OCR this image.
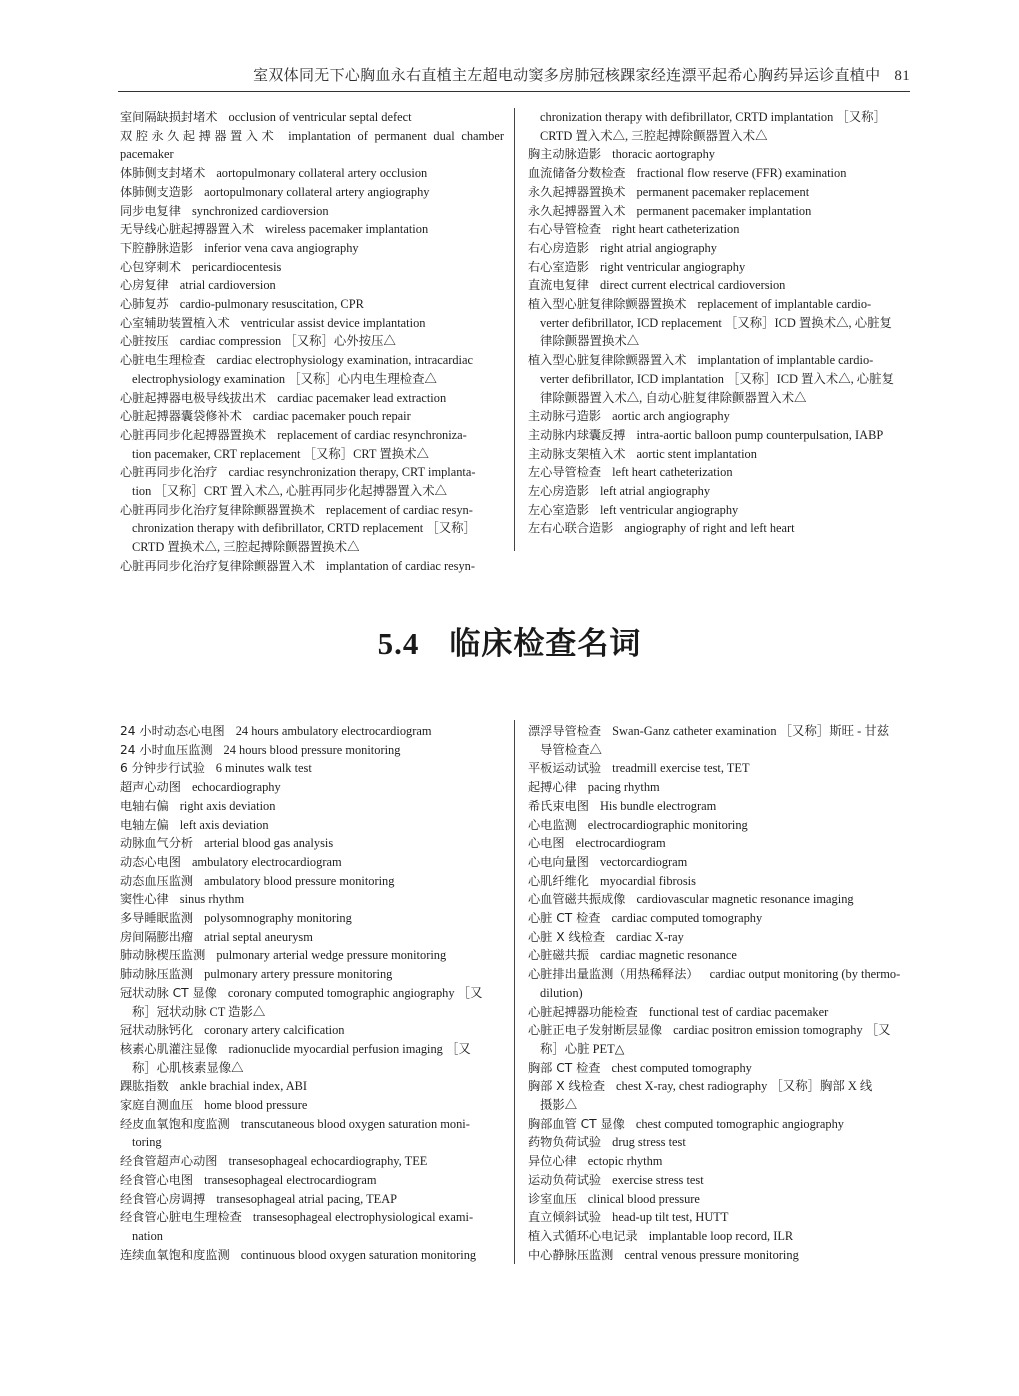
室双体同无下心胸血永右直植主左超电动窦多房肺冠核踝家经连漂平起希心胸药异运诊直植中 81
室间隔缺损封堵术 occlusion of ventricular septal defect
双腔永久起搏器置入术 implantation of permanent dual chamber pacemaker
体肺侧支封堵术 aortopulmonary collateral artery occlusion
体肺侧支造影 aortopulmonary collateral artery angiography
同步电复律 synchronized cardioversion
无导线心脏起搏器置入术 wireless pacemaker implantation
下腔静脉造影 inferior vena cava angiography
心包穿刺术 pericardiocentesis
心房复律 atrial cardioversion
心肺复苏 cardio-pulmonary resuscitation, CPR
心室辅助装置植入术 ventricular assist device implantation
心脏按压 cardiac compression ［又称］心外按压△
心脏电生理检查 cardiac electrophysiology examination, intracardiac
electrophysiology examination ［又称］心内电生理检查△
心脏起搏器电极导线拔出术 cardiac pacemaker lead extraction
心脏起搏器囊袋修补术 cardiac pacemaker pouch repair
心脏再同步化起搏器置换术 replacement of cardiac resynchroniza-
tion pacemaker, CRT replacement ［又称］CRT 置换术△
心脏再同步化治疗 cardiac resynchronization therapy, CRT implanta-
tion ［又称］CRT 置入术△, 心脏再同步化起搏器置入术△
心脏再同步化治疗复律除颤器置换术 replacement of cardiac resyn-
chronization therapy with defibrillator, CRTD replacement ［又称］
CRTD 置换术△, 三腔起搏除颤器置换术△
心脏再同步化治疗复律除颤器置入术 implantation of cardiac resyn-
chronization therapy with defibrillator, CRTD implantation ［又称］
CRTD 置入术△, 三腔起搏除颤器置入术△
胸主动脉造影 thoracic aortography
血流储备分数检查 fractional flow reserve (FFR) examination
永久起搏器置换术 permanent pacemaker replacement
永久起搏器置入术 permanent pacemaker implantation
右心导管检查 right heart catheterization
右心房造影 right atrial angiography
右心室造影 right ventricular angiography
直流电复律 direct current electrical cardioversion
植入型心脏复律除颤器置换术 replacement of implantable cardio-
verter defibrillator, ICD replacement ［又称］ICD 置换术△, 心脏复
律除颤器置换术△
植入型心脏复律除颤器置入术 implantation of implantable cardio-
verter defibrillator, ICD implantation ［又称］ICD 置入术△, 心脏复
律除颤器置入术△, 自动心脏复律除颤器置入术△
主动脉弓造影 aortic arch angiography
主动脉内球囊反搏 intra-aortic balloon pump counterpulsation, IABP
主动脉支架植入术 aortic stent implantation
左心导管检查 left heart catheterization
左心房造影 left atrial angiography
左心室造影 left ventricular angiography
左右心联合造影 angiography of right and left heart
5.4 临床检查名词
24 小时动态心电图 24 hours ambulatory electrocardiogram
24 小时血压监测 24 hours blood pressure monitoring
6 分钟步行试验 6 minutes walk test
超声心动图 echocardiography
电轴右偏 right axis deviation
电轴左偏 left axis deviation
动脉血气分析 arterial blood gas analysis
动态心电图 ambulatory electrocardiogram
动态血压监测 ambulatory blood pressure monitoring
窦性心律 sinus rhythm
多导睡眠监测 polysomnography monitoring
房间隔膨出瘤 atrial septal aneurysm
肺动脉楔压监测 pulmonary arterial wedge pressure monitoring
肺动脉压监测 pulmonary artery pressure monitoring
冠状动脉 CT 显像 coronary computed tomographic angiography ［又
称］冠状动脉 CT 造影△
冠状动脉钙化 coronary artery calcification
核素心肌灌注显像 radionuclide myocardial perfusion imaging ［又
称］心肌核素显像△
踝肱指数 ankle brachial index, ABI
家庭自测血压 home blood pressure
经皮血氧饱和度监测 transcutaneous blood oxygen saturation moni-
toring
经食管超声心动图 transesophageal echocardiography, TEE
经食管心电图 transesophageal electrocardiogram
经食管心房调搏 transesophageal atrial pacing, TEAP
经食管心脏电生理检查 transesophageal electrophysiological exami-
nation
连续血氧饱和度监测 continuous blood oxygen saturation monitoring
漂浮导管检查 Swan-Ganz catheter examination ［又称］斯旺 - 甘兹
导管检查△
平板运动试验 treadmill exercise test, TET
起搏心律 pacing rhythm
希氏束电图 His bundle electrogram
心电监测 electrocardiographic monitoring
心电图 electrocardiogram
心电向量图 vectorcardiogram
心肌纤维化 myocardial fibrosis
心血管磁共振成像 cardiovascular magnetic resonance imaging
心脏 CT 检查 cardiac computed tomography
心脏 X 线检查 cardiac X-ray
心脏磁共振 cardiac magnetic resonance
心脏排出量监测（用热稀释法） cardiac output monitoring (by thermo-
dilution)
心脏起搏器功能检查 functional test of cardiac pacemaker
心脏正电子发射断层显像 cardiac positron emission tomography ［又
称］心脏 PET△
胸部 CT 检查 chest computed tomography
胸部 X 线检查 chest X-ray, chest radiography ［又称］胸部 X 线
摄影△
胸部血管 CT 显像 chest computed tomographic angiography
药物负荷试验 drug stress test
异位心律 ectopic rhythm
运动负荷试验 exercise stress test
诊室血压 clinical blood pressure
直立倾斜试验 head-up tilt test, HUTT
植入式循环心电记录 implantable loop record, ILR
中心静脉压监测 central venous pressure monitoring
